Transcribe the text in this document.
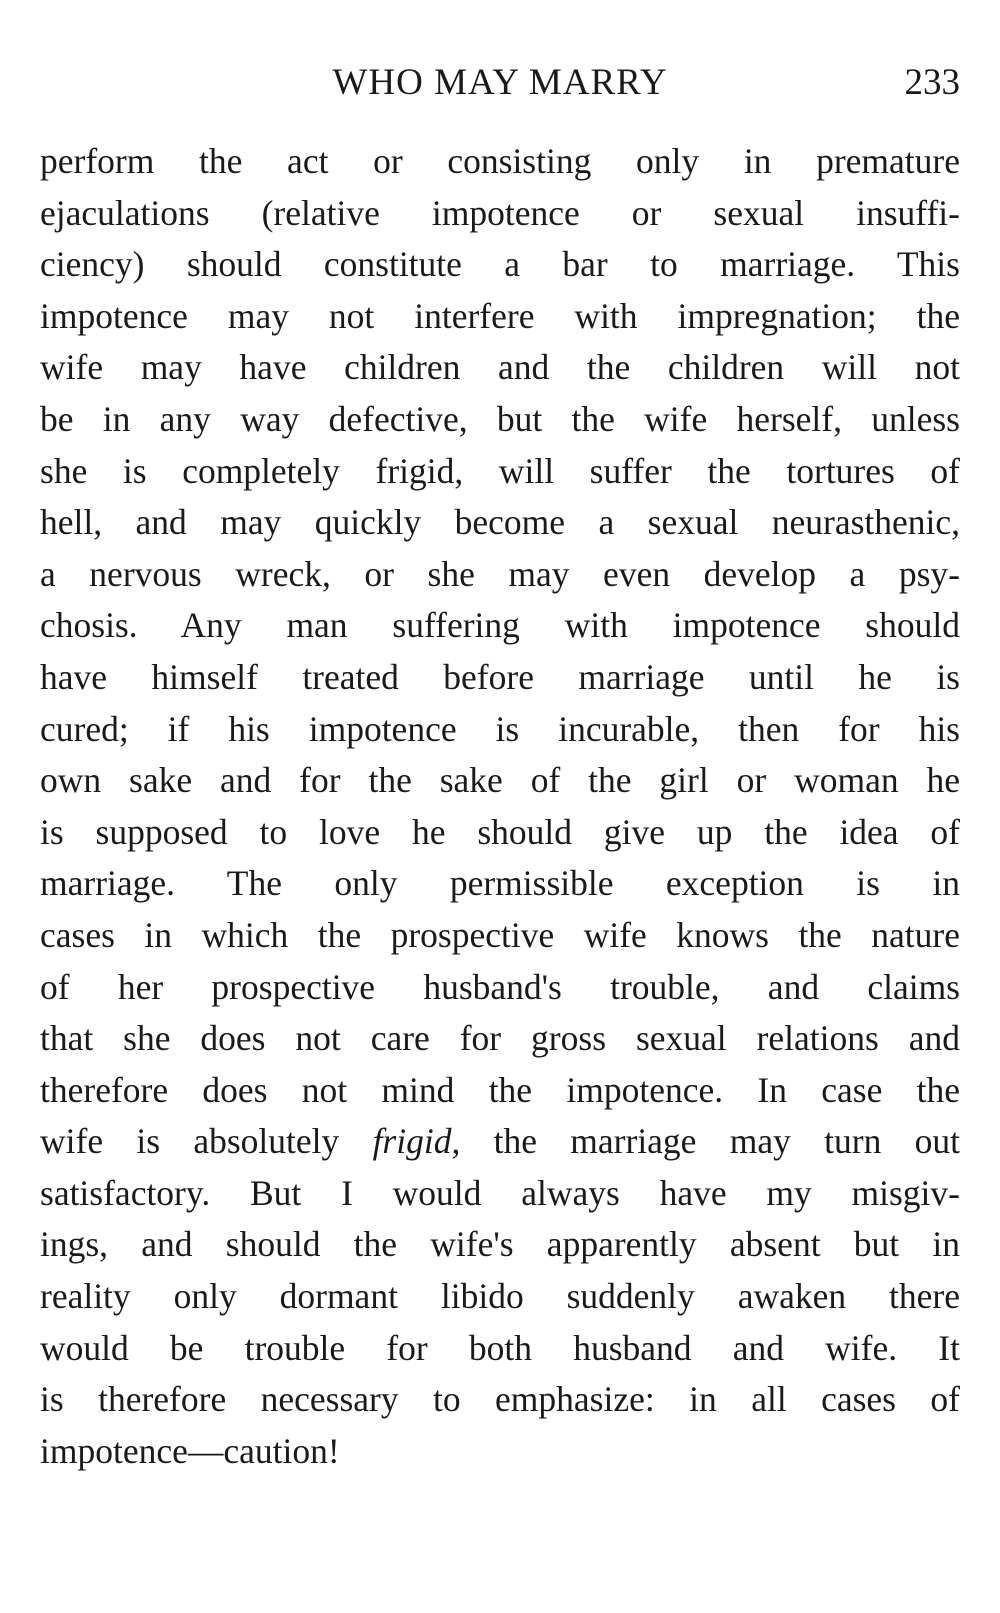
WHO MAY MARRY	233
perform the act or consisting only in premature
ejaculations (relative impotence or sexual insuffi-
ciency) should constitute a bar to marriage. This
impotence may not interfere with impregnation; the
wife may have children and the children will not
be in any way defective, but the wife herself, unless
she is completely frigid, will suffer the tortures of
hell, and may quickly become a sexual neurasthenic,
a nervous wreck, or she may even develop a psy-
chosis. Any man suffering with impotence should
have himself treated before marriage until he is
cured; if his impotence is incurable, then for his
own sake and for the sake of the girl or woman he
is supposed to love he should give up the idea of
marriage. The only permissible exception is in
cases in which the prospective wife knows the nature
of her prospective husband's trouble, and claims
that she does not care for gross sexual relations and
therefore does not mind the impotence. In case the
wife is absolutely frigid, the marriage may turn out
satisfactory. But I would always have my misgiv-
ings, and should the wife's apparently absent but in
reality only dormant libido suddenly awaken there
would be trouble for both husband and wife. It
is therefore necessary to emphasize: in all cases of
impotence—caution!
